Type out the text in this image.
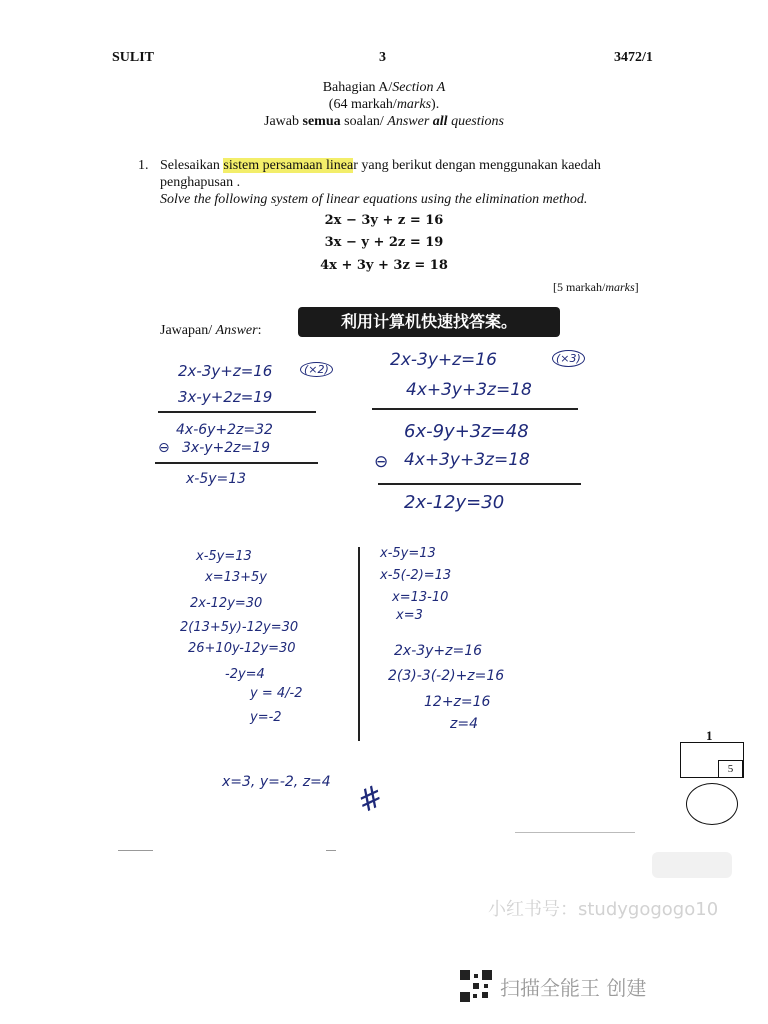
SULIT	3	3472/1
Bahagian A/Section A
(64 markah/marks).
Jawab semua soalan/ Answer all questions
1. Selesaikan sistem persamaan linear yang berikut dengan menggunakan kaedah
penghapusan .
Solve the following system of linear equations using the elimination method.
2x − 3y + z = 16
3x − y + 2z = 19
4x + 3y + 3z = 18
[5 markah/marks]
利用计算机快速找答案。
Jawapan/ Answer:
2x-3y+z=16	(×2)
3x-y+2z=19
4x-6y+2z=32
⊖ 3x-y+2z=19
x-5y=13
2x-3y+z=16	(×3)
4x+3y+3z=18
6x-9y+3z=48
⊖ 4x+3y+3z=18
2x-12y=30
x-5y=13
x=13+5y
2x-12y=30
2(13+5y)-12y=30
26+10y-12y=30
-2y=4
y = 4/-2
y=-2
x-5y=13
x-5(-2)=13
x=13-10
x=3
2x-3y+z=16
2(3)-3(-2)+z=16
12+z=16
z=4
x=3, y=-2, z=4 #
1
5
小红书号：studygogogo10
扫描全能王 创建
